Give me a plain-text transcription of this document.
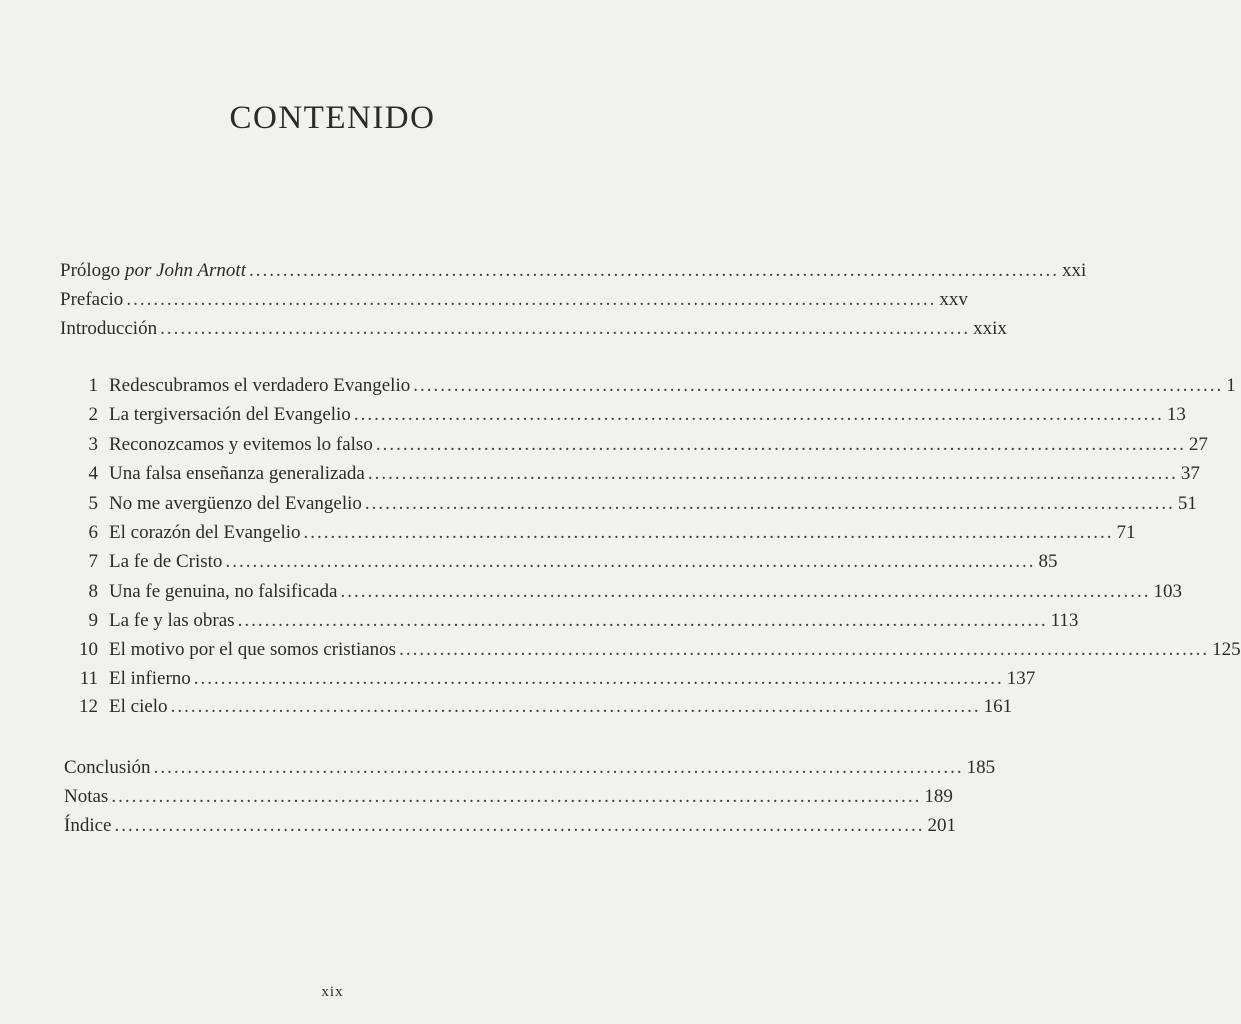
CONTENIDO
Prólogo por John Arnott ........................................................................................................................ xxi
Prefacio ........................................................................................................................ xxv
Introducción ........................................................................................................................ xxix
1 Redescubramos el verdadero Evangelio ........................................................................................................................ 1
2 La tergiversación del Evangelio ........................................................................................................................ 13
3 Reconozcamos y evitemos lo falso ........................................................................................................................ 27
4 Una falsa enseñanza generalizada ........................................................................................................................ 37
5 No me avergüenzo del Evangelio ........................................................................................................................ 51
6 El corazón del Evangelio ........................................................................................................................ 71
7 La fe de Cristo ........................................................................................................................ 85
8 Una fe genuina, no falsificada ........................................................................................................................ 103
9 La fe y las obras ........................................................................................................................ 113
10 El motivo por el que somos cristianos ........................................................................................................................ 125
11 El infierno ........................................................................................................................ 137
12 El cielo ........................................................................................................................ 161
Conclusión ........................................................................................................................ 185
Notas ........................................................................................................................ 189
Índice ........................................................................................................................ 201
xix
